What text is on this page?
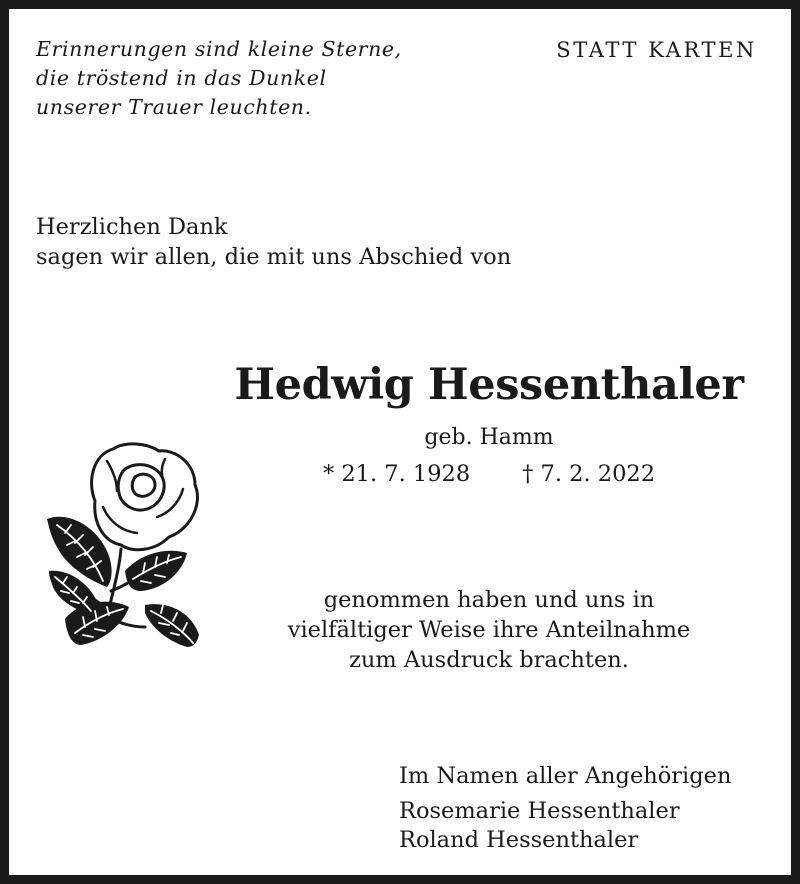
Erinnerungen sind kleine Sterne,
die tröstend in das Dunkel
unserer Trauer leuchten.
STATT KARTEN
Herzlichen Dank
sagen wir allen, die mit uns Abschied von
Hedwig Hessenthaler
geb. Hamm
* 21. 7. 1928 † 7. 2. 2022
genommen haben und uns in
vielfältiger Weise ihre Anteilnahme
zum Ausdruck brachten.
Im Namen aller Angehörigen
Rosemarie Hessenthaler
Roland Hessenthaler
